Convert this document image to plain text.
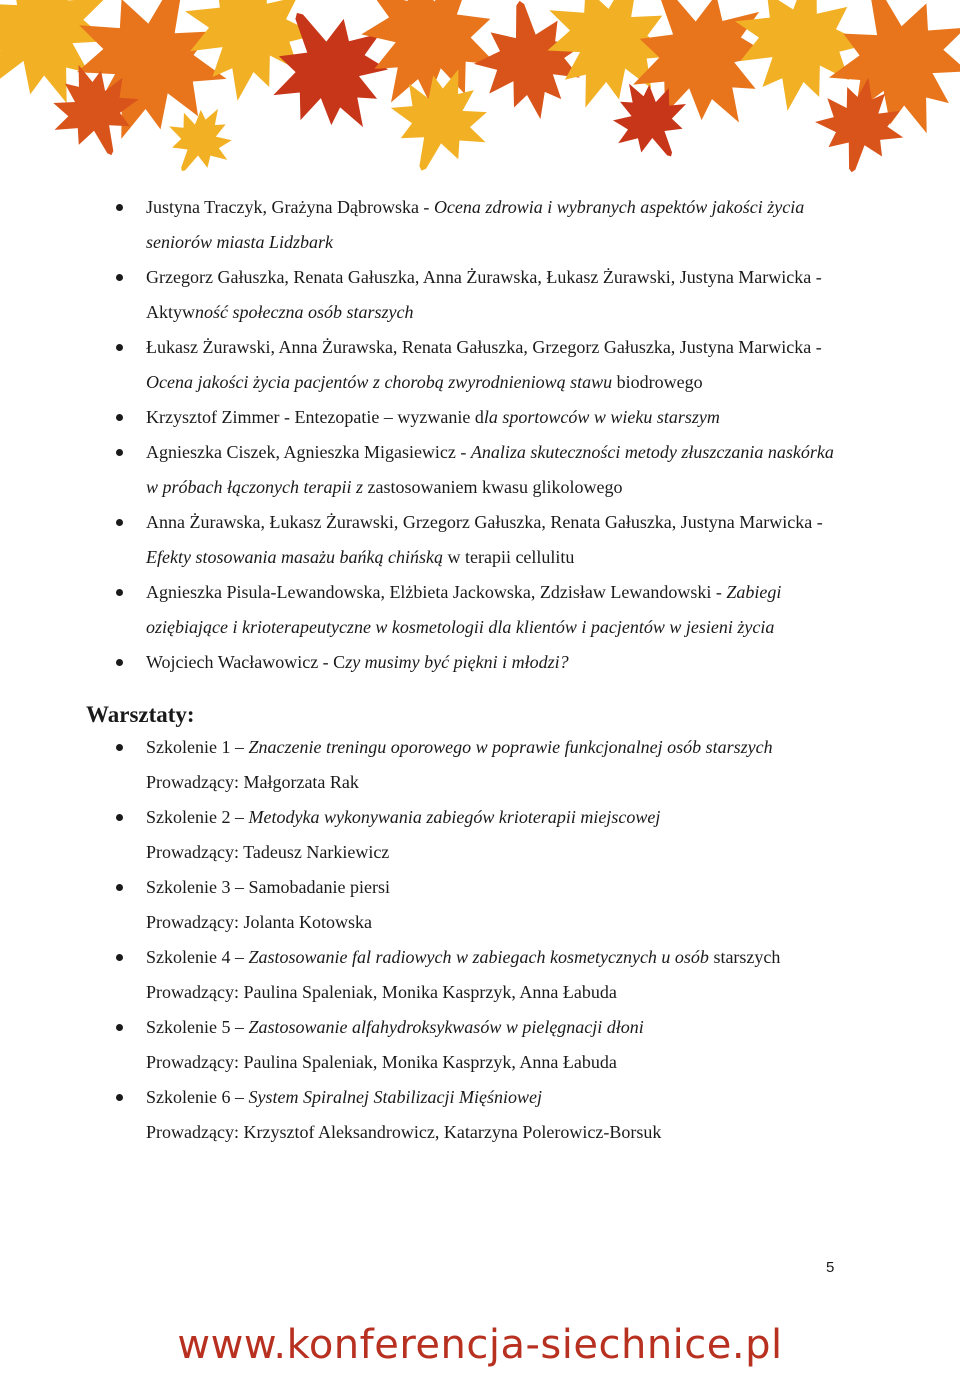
Justyna Traczyk, Grażyna Dąbrowska - Ocena zdrowia i wybranych aspektów jakości życia seniorów miasta Lidzbark
Grzegorz Gałuszka, Renata Gałuszka, Anna Żurawska, Łukasz Żurawski, Justyna Marwicka - Aktywność społeczna osób starszych
Łukasz Żurawski, Anna Żurawska, Renata Gałuszka, Grzegorz Gałuszka, Justyna Marwicka - Ocena jakości życia pacjentów z chorobą zwyrodnieniową stawu biodrowego
Krzysztof Zimmer - Entezopatie – wyzwanie dla sportowców w wieku starszym
Agnieszka Ciszek, Agnieszka Migasiewicz - Analiza skuteczności metody złuszczania naskórka w próbach łączonych terapii z zastosowaniem kwasu glikolowego
Anna Żurawska, Łukasz Żurawski, Grzegorz Gałuszka, Renata Gałuszka, Justyna Marwicka - Efekty stosowania masażu bańką chińską w terapii cellulitu
Agnieszka Pisula-Lewandowska, Elżbieta Jackowska, Zdzisław Lewandowski - Zabiegi oziębiające i krioterapeutyczne w kosmetologii dla klientów i pacjentów w jesieni życia
Wojciech Wacławowicz - Czy musimy być piękni i młodzi?
Warsztaty:
Szkolenie 1 – Znaczenie treningu oporowego w poprawie funkcjonalnej osób starszych
Prowadzący: Małgorzata Rak
Szkolenie 2 – Metodyka wykonywania zabiegów krioterapii miejscowej
Prowadzący: Tadeusz Narkiewicz
Szkolenie 3 – Samobadanie piersi
Prowadzący: Jolanta Kotowska
Szkolenie 4 – Zastosowanie fal radiowych w zabiegach kosmetycznych u osób starszych
Prowadzący: Paulina Spaleniak, Monika Kasprzyk, Anna Łabuda
Szkolenie 5 – Zastosowanie alfahydroksykwasów w pielęgnacji dłoni
Prowadzący: Paulina Spaleniak, Monika Kasprzyk, Anna Łabuda
Szkolenie 6 – System Spiralnej Stabilizacji Mięśniowej
Prowadzący: Krzysztof Aleksandrowicz, Katarzyna Polerowicz-Borsuk
5
www.konferencja-siechnice.pl
